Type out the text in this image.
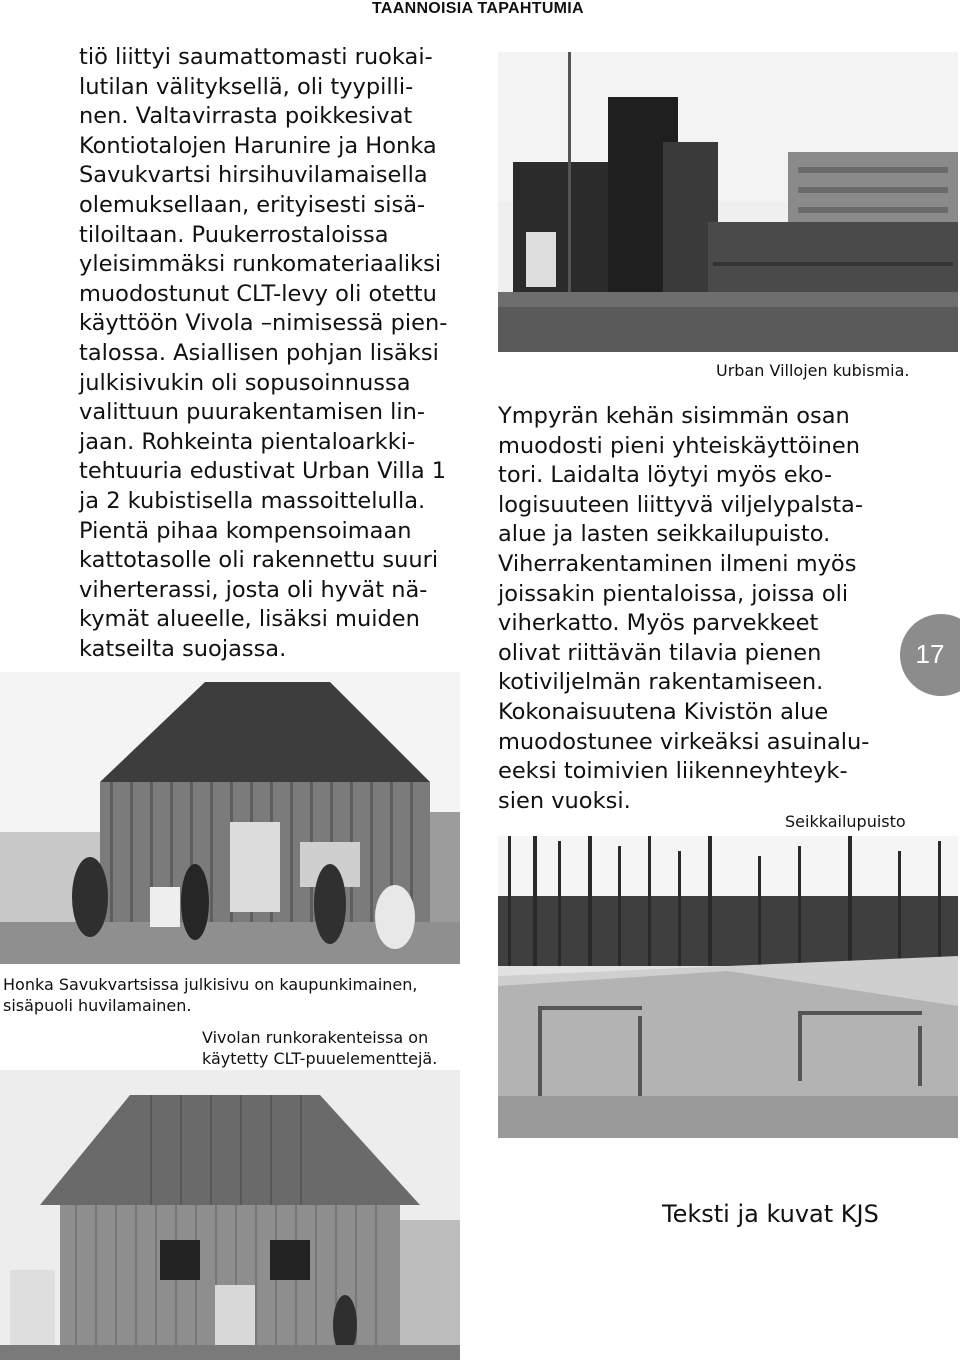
TAANNOISIA TAPAHTUMIA

tiö liittyi saumattomasti ruokai-

lutilan välityksellä, oli tyypilli-

nen. Valtavirrasta poikkesivat

Kontiotalojen Harunire ja Honka

Savukvartsi hirsihuvilamaisella

olemuksellaan, erityisesti sisä-

tiloiltaan. Puukerrostaloissa

yleisimmäksi runkomateriaaliksi

muodostunut CLT-levy oli otettu

käyttöön Vivola –nimisessä pien-

talossa. Asiallisen pohjan lisäksi

julkisivukin oli sopusoinnussa

valittuun puurakentamisen lin-

jaan. Rohkeinta pientaloarkki-

tehtuuria edustivat Urban Villa 1

ja 2 kubistisella massoittelulla.

Pientä pihaa kompensoimaan

kattotasolle oli rakennettu suuri

viherterassi, josta oli hyvät nä-

kymät alueelle, lisäksi muiden

katseilta suojassa.

Urban Villojen kubismia.

Ympyrän kehän sisimmän osan

muodosti pieni yhteiskäyttöinen

tori. Laidalta löytyi myös eko-

logisuuteen liittyvä viljelypalsta-

alue ja lasten seikkailupuisto.

Viherrakentaminen ilmeni myös

joissakin pientaloissa, joissa oli

viherkatto. Myös parvekkeet

olivat riittävän tilavia pienen

kotiviljelmän rakentamiseen.

Kokonaisuutena Kivistön alue

muodostunee virkeäksi asuinalu-

eeksi toimivien liikenneyhteyk-

sien vuoksi.

17
Seikkailupuisto
Honka Savukvartsissa julkisivu on kaupunkimainen,
sisäpuoli huvilamainen.
Vivolan runkorakenteissa on
käytetty CLT-puuelementtejä.
Teksti ja kuvat KJS
